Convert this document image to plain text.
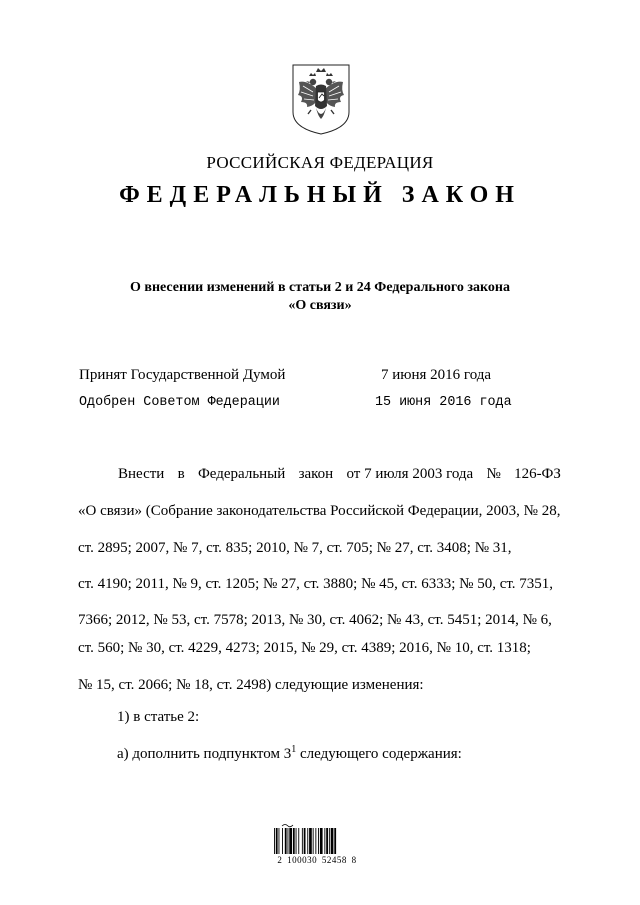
РОССИЙСКАЯ ФЕДЕРАЦИЯ
ФЕДЕРАЛЬНЫЙ ЗАКОН
О внесении изменений в статьи 2 и 24 Федерального закона
«О связи»
Принят Государственной Думой	7 июня 2016 года
Одобрен Советом Федерации	15 июня 2016 года
Внести в Федеральный закон от 7 июля 2003 года № 126-ФЗ
«О связи» (Собрание законодательства Российской Федерации, 2003, № 28,
ст. 2895; 2007, № 7, ст. 835; 2010, № 7, ст. 705; № 27, ст. 3408; № 31,
ст. 4190; 2011, № 9, ст. 1205; № 27, ст. 3880; № 45, ст. 6333; № 50, ст. 7351,
7366; 2012, № 53, ст. 7578; 2013, № 30, ст. 4062; № 43, ст. 5451; 2014, № 6,
ст. 560; № 30, ст. 4229, 4273; 2015, № 29, ст. 4389; 2016, № 10, ст. 1318;
№ 15, ст. 2066; № 18, ст. 2498) следующие изменения:
1) в статье 2:
а) дополнить подпунктом $3^1$ следующего содержания:
2 100030 52458 8
